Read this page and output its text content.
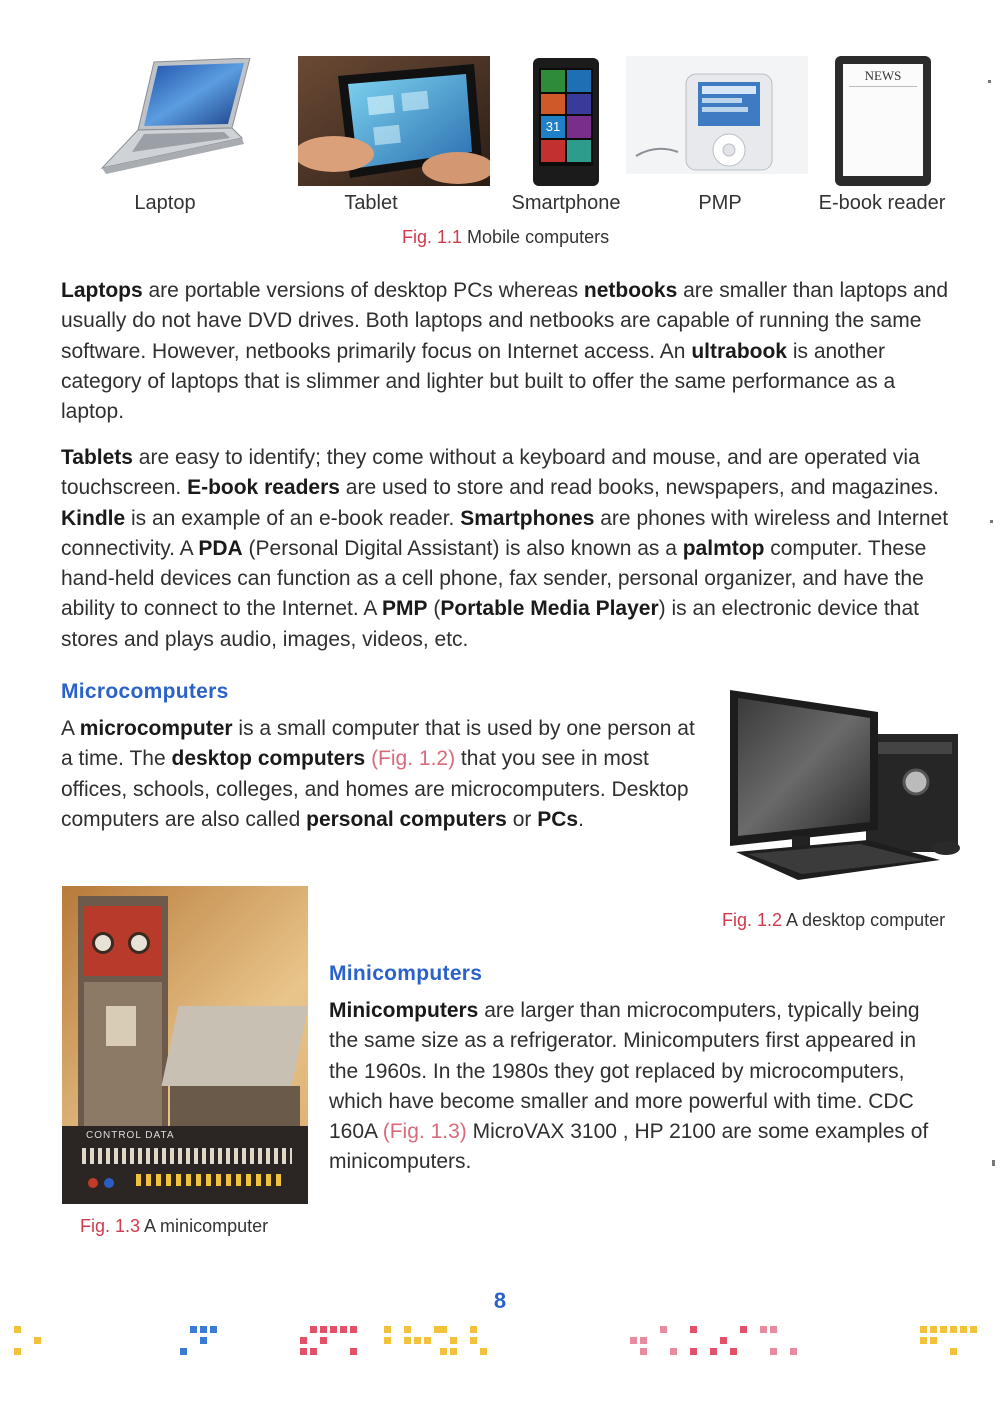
31
NEWS
Laptop	Tablet	Smartphone	PMP	E-book reader
Fig. 1.1 Mobile computers
Laptops are portable versions of desktop PCs whereas netbooks are smaller than laptops and usually do not have DVD drives. Both laptops and netbooks are capable of running the same software. However, netbooks primarily focus on Internet access. An ultrabook is another category of laptops that is slimmer and lighter but built to offer the same performance as a laptop.
Tablets are easy to identify; they come without a keyboard and mouse, and are operated via touchscreen. E-book readers are used to store and read books, newspapers, and magazines. Kindle is an example of an e-book reader. Smartphones are phones with wireless and Internet connectivity. A PDA (Personal Digital Assistant) is also known as a palmtop computer. These hand-held devices can function as a cell phone, fax sender, personal organizer, and have the ability to connect to the Internet. A PMP (Portable Media Player) is an electronic device that stores and plays audio, images, videos, etc.
Microcomputers
A microcomputer is a small computer that is used by one person at a time. The desktop computers (Fig. 1.2) that you see in most offices, schools, colleges, and homes are microcomputers. Desktop computers are also called personal computers or PCs.
Fig. 1.2 A desktop computer
CONTROL DATA
Fig. 1.3 A minicomputer
Minicomputers
Minicomputers are larger than microcomputers, typically being the same size as a refrigerator. Minicomputers first appeared in the 1960s. In the 1980s they got replaced by microcomputers, which have become smaller and more powerful with time. CDC 160A (Fig. 1.3) MicroVAX 3100 , HP 2100 are some examples of minicomputers.
8
